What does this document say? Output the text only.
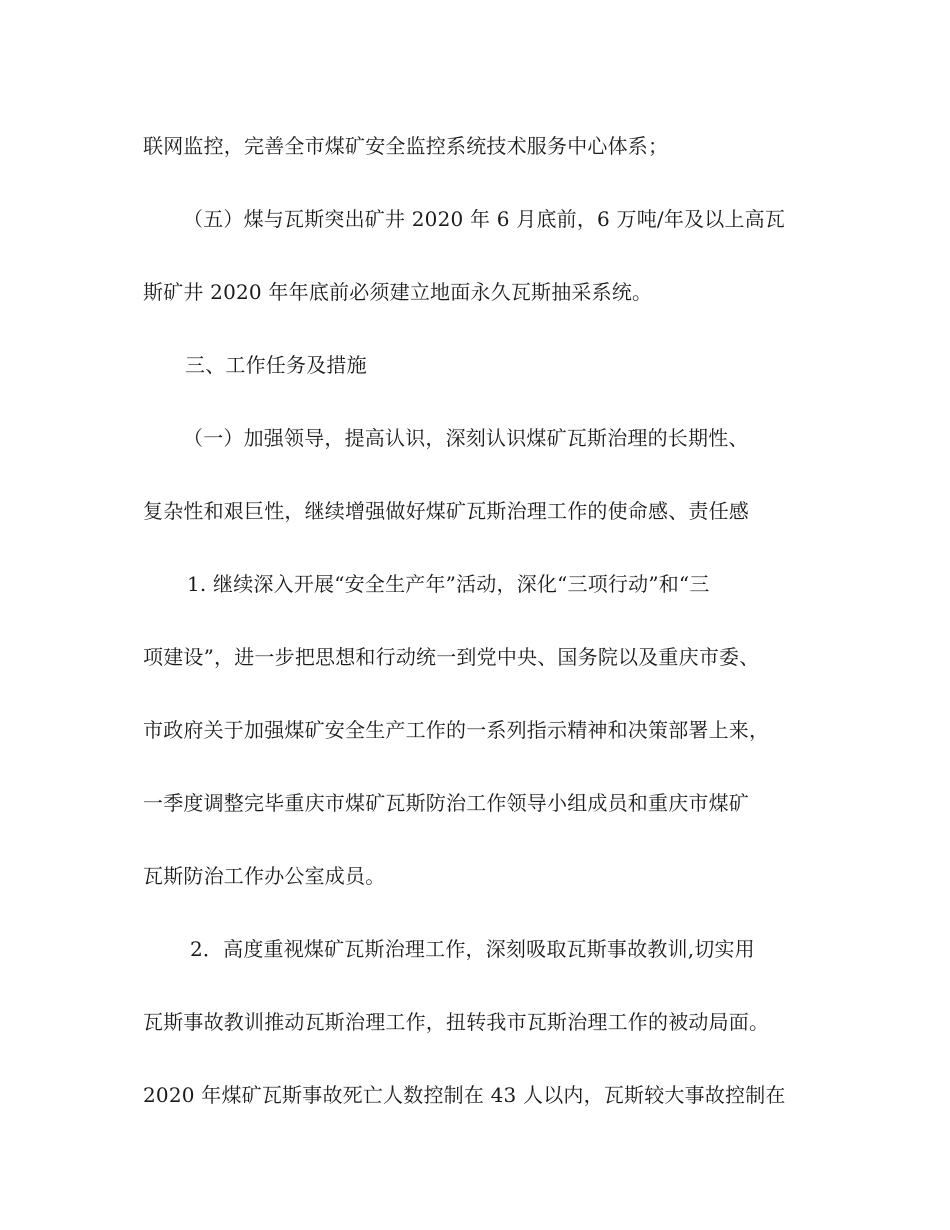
联网监控，完善全市煤矿安全监控系统技术服务中心体系；
（五）煤与瓦斯突出矿井 2020 年 6 月底前，6 万吨/年及以上高瓦
斯矿井 2020 年年底前必须建立地面永久瓦斯抽采系统。
三、工作任务及措施
（一）加强领导，提高认识，深刻认识煤矿瓦斯治理的长期性、
复杂性和艰巨性，继续增强做好煤矿瓦斯治理工作的使命感、责任感
1. 继续深入开展“安全生产年”活动，深化“三项行动”和“三
项建设”，进一步把思想和行动统一到党中央、国务院以及重庆市委、
市政府关于加强煤矿安全生产工作的一系列指示精神和决策部署上来，
一季度调整完毕重庆市煤矿瓦斯防治工作领导小组成员和重庆市煤矿
瓦斯防治工作办公室成员。
2．高度重视煤矿瓦斯治理工作，深刻吸取瓦斯事故教训,切实用
瓦斯事故教训推动瓦斯治理工作，扭转我市瓦斯治理工作的被动局面。
2020 年煤矿瓦斯事故死亡人数控制在 43 人以内，瓦斯较大事故控制在
